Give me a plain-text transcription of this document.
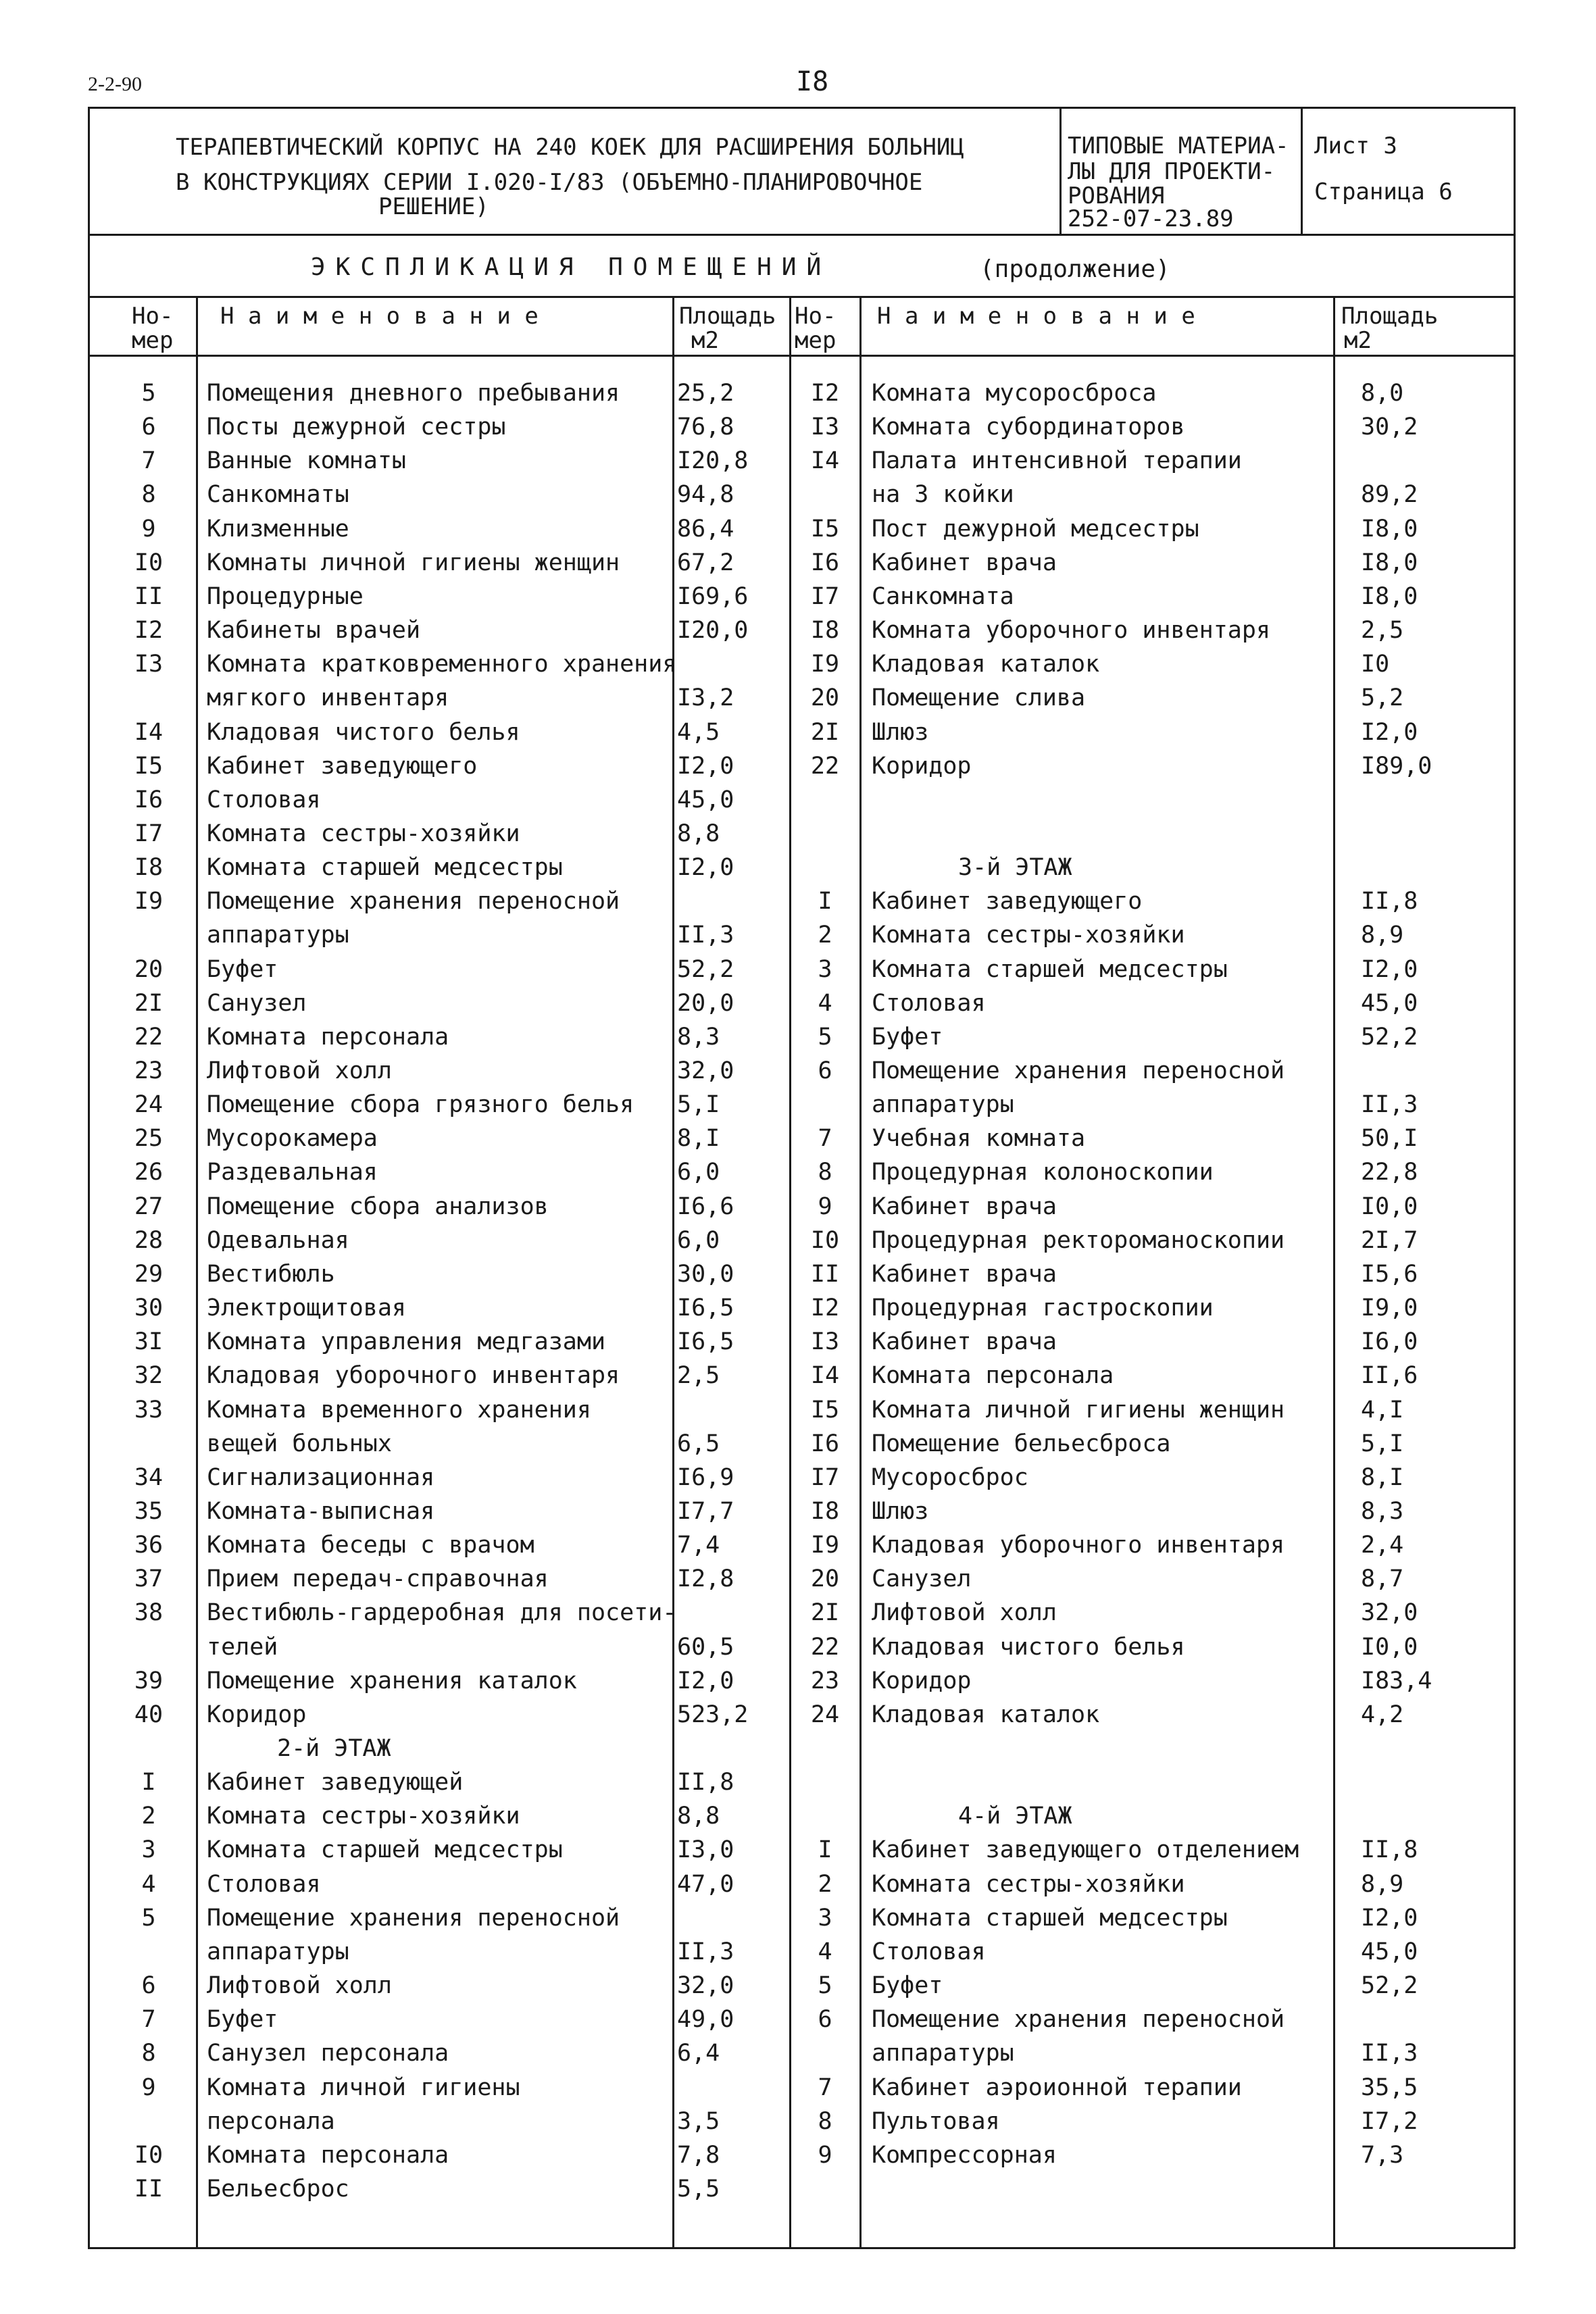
2-2-90	I8
ТЕРАПЕВТИЧЕСКИЙ КОРПУС НА 240 КОЕК ДЛЯ РАСШИРЕНИЯ БОЛЬНИЦ
В КОНСТРУКЦИЯХ СЕРИИ I.020-I/83 (ОБЪЕМНО-ПЛАНИРОВОЧНОЕ
РЕШЕНИЕ)
ТИПОВЫЕ МАТЕРИА-
ЛЫ ДЛЯ ПРОЕКТИ-
РОВАНИЯ
252-07-23.89
Лист 3
Страница 6
ЭКСПЛИКАЦИЯ ПОМЕЩЕНИЙ	(продолжение)
Но-
мер
Н а и м е н о в а н и е	Площадь
м2
Но-
мер
Н а и м е н о в а н и е	Площадь
м2
5	Помещения дневного пребывания 25,2
6	Посты дежурной сестры	76,8
7	Ванные комнаты	I20,8
8	Санкомнаты	94,8
9	Клизменные	86,4
I0	Комнаты личной гигиены женщин 67,2
II	Процедурные	I69,6
I2	Кабинеты врачей	I20,0
I3	Комната кратковременного хранения
мягкого инвентаря	I3,2
I4	Кладовая чистого белья	4,5
I5	Кабинет заведующего	I2,0
I6	Столовая	45,0
I7	Комната сестры-хозяйки	8,8
I8	Комната старшей медсестры	I2,0
I9	Помещение хранения переносной
аппаратуры	II,3
20	Буфет	52,2
2I	Санузел	20,0
22	Комната персонала	8,3
23	Лифтовой холл	32,0
24	Помещение сбора грязного белья 5,I
25	Мусорокамера	8,I
26	Раздевальная	6,0
27	Помещение сбора анализов	I6,6
28	Одевальная	6,0
29	Вестибюль	30,0
30	Электрощитовая	I6,5
3I	Комната управления медгазами	I6,5
32	Кладовая уборочного инвентаря 2,5
33	Комната временного хранения
вещей больных	6,5
34	Сигнализационная	I6,9
35	Комната-выписная	I7,7
36	Комната беседы с врачом	7,4
37	Прием передач-справочная	I2,8
38	Вестибюль-гардеробная для посети-
телей	60,5
39	Помещение хранения каталок	I2,0
40	Коридор	523,2
2-й ЭТАЖ
I	Кабинет заведующей	II,8
2	Комната сестры-хозяйки	8,8
3	Комната старшей медсестры	I3,0
4	Столовая	47,0
5	Помещение хранения переносной
аппаратуры	II,3
6	Лифтовой холл	32,0
7	Буфет	49,0
8	Санузел персонала	6,4
9	Комната личной гигиены
персонала	3,5
I0	Комната персонала	7,8
II	Бельесброс	5,5
I2	Комната мусоросброса	8,0
I3	Комната субординаторов	30,2
I4	Палата интенсивной терапии
на 3 койки	89,2
I5	Пост дежурной медсестры	I8,0
I6	Кабинет врача	I8,0
I7	Санкомната	I8,0
I8	Комната уборочного инвентаря	2,5
I9	Кладовая каталок	I0
20	Помещение слива	5,2
2I	Шлюз	I2,0
22	Коридор	I89,0
3-й ЭТАЖ
I	Кабинет заведующего	II,8
2	Комната сестры-хозяйки	8,9
3	Комната старшей медсестры	I2,0
4	Столовая	45,0
5	Буфет	52,2
6	Помещение хранения переносной
аппаратуры	II,3
7	Учебная комната	50,I
8	Процедурная колоноскопии	22,8
9	Кабинет врача	I0,0
I0	Процедурная ректороманоскопии	2I,7
II	Кабинет врача	I5,6
I2	Процедурная гастроскопии	I9,0
I3	Кабинет врача	I6,0
I4	Комната персонала	II,6
I5	Комната личной гигиены женщин	4,I
I6	Помещение бельесброса	5,I
I7	Мусоросброс	8,I
I8	Шлюз	8,3
I9	Кладовая уборочного инвентаря	2,4
20	Санузел	8,7
2I	Лифтовой холл	32,0
22	Кладовая чистого белья	I0,0
23	Коридор	I83,4
24	Кладовая каталок	4,2
4-й ЭТАЖ
I	Кабинет заведующего отделением	II,8
2	Комната сестры-хозяйки	8,9
3	Комната старшей медсестры	I2,0
4	Столовая	45,0
5	Буфет	52,2
6	Помещение хранения переносной
аппаратуры	II,3
7	Кабинет аэроионной терапии	35,5
8	Пультовая	I7,2
9	Компрессорная	7,3
